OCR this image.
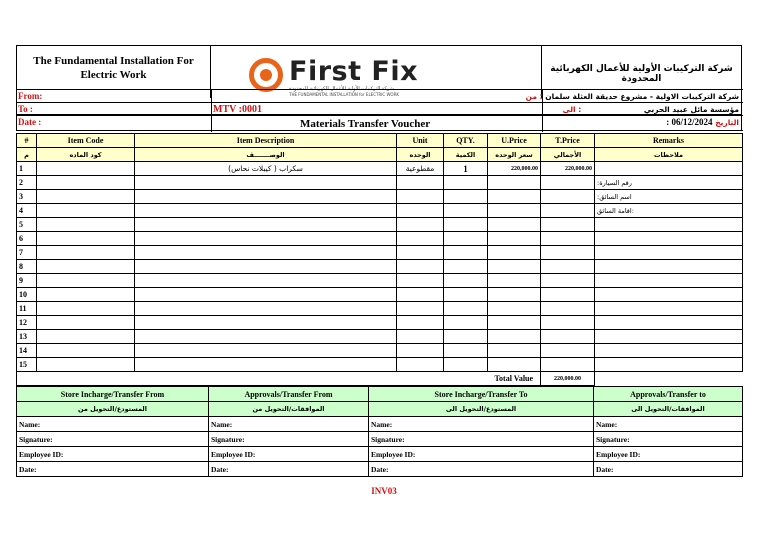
The Fundamental Installation For Electric Work	First Fix
شركة التركيبات الأولية للأعمال الكهربائية المحدودة
THE FUNDAMENTAL INSTALLATION for ELECTRIC WORK
شركة التركيبات الأولية للأعمال الكهربائية المحدودة
From:	شركة التركيبات الاولية - مشروع حديقة العثلة سلمان : من
To :	MTV :0001	مؤسسة مائل عبيد الحربي : الى
Date :	Materials Transfer Voucher	التاريخ 06/12/2024 :
#	Item Code	Item Description	Unit	QTY.	U.Price	T.Price	Remarks
م	كود الماده	الوصـــــــف	الوحده	الكمية	سعر الوحده	الأجمالي	ملاحظات
1		سكراب ( كيبلات نحاس)	مقطوعية	1	220,000.00	220,000.00	
2							:رقم السيارة
3							:اسم السائق
4							اقامة السائق:
5							
6							
7							
8							
9							
10							
11							
12							
13							
14							
15							
					Total Value	220,000.00	
Store Incharge/Transfer From	Approvals/Transfer From	Store Incharge/Transfer To	Approvals/Transfer to
المستودع/التحويل من	الموافقات/التحويل من	المستودع/التحويل الى	الموافقات/التحويل الى
Name:	Name:	Name:	Name:
Signature:	Signature:	Signature:	Signature:
Employee ID:	Employee ID:	Employee ID:	Employee ID:
Date:	Date:	Date:	Date:
INV03
